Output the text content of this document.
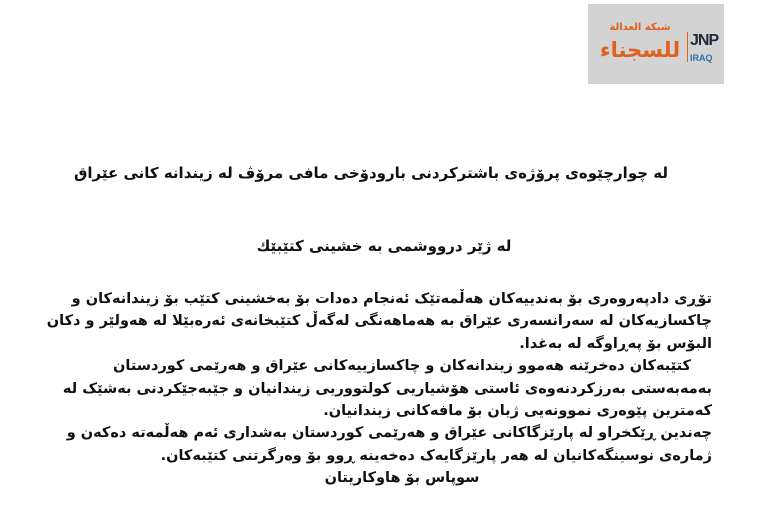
شبكة العدالة
للسجناء JNP
IRAQ
لە چوارچێوەی پرۆژەی باشترکردنی بارودۆخی مافی مرۆڤ لە زیندانە کانی عێراق
لە ژێر درووشمی بە خشینی کتێبێك
تۆڕی دادپەروەری بۆ بەندییەکان هەڵمەتێک ئەنجام دەدات بۆ بەخشینی کتێب بۆ زیندانەکان و
چاکسازیەکان لە سەرانسەری عێراق بە هەماهەنگی لەگەڵ کتێبخانەی ئەرەبێلا لە هەولێر و دکان
البۆس بۆ پەڕاوگە لە بەغدا.
کتێبەکان دەخرێنە هەموو زیندانەکان و چاکسازییەکانی عێراق و هەرێمی کوردستان
بەمەبەستی بەرزکردنەوەی ئاستی هۆشیاریی کولتووریی زیندانیان و جێبەجێکردنی بەشێک لە
کەمترین پێوەری نموونەیی ژیان بۆ مافەکانی زیندانیان.
چەندین ڕێکخراو لە پارێزگاکانی عێراق و هەرێمی کوردستان بەشداری ئەم هەڵمەتە دەکەن و
ژمارەی نوسینگەکانیان لە هەر پارێزگایەک دەخەینە ڕوو بۆ وەرگرتنی کتێبەکان.
سوپاس بۆ هاوکاریتان
